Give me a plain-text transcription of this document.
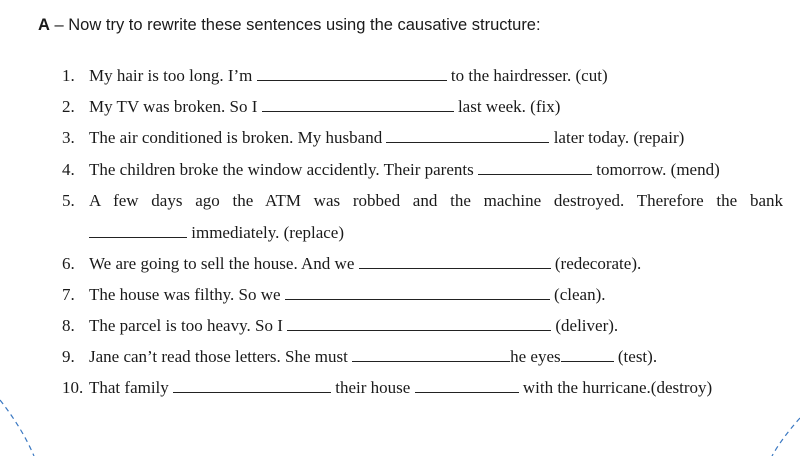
A – Now try to rewrite these sentences using the causative structure:
1. My hair is too long. I’m	to the hairdresser. (cut)
2. My TV was broken. So I	last week. (fix)
3. The air conditioned is broken. My husband	later today. (repair)
4. The children broke the window accidently. Their parents	tomorrow. (mend)
5. A few days ago the ATM was robbed and the machine destroyed. Therefore the bank
immediately. (replace)
6. We are going to sell the house. And we	(redecorate).
7. The house was filthy. So we	(clean).
8. The parcel is too heavy. So I	(deliver).
9. Jane can’t read those letters. She must	he eyes	(test).
10. That family	their house	with the hurricane.(destroy)
